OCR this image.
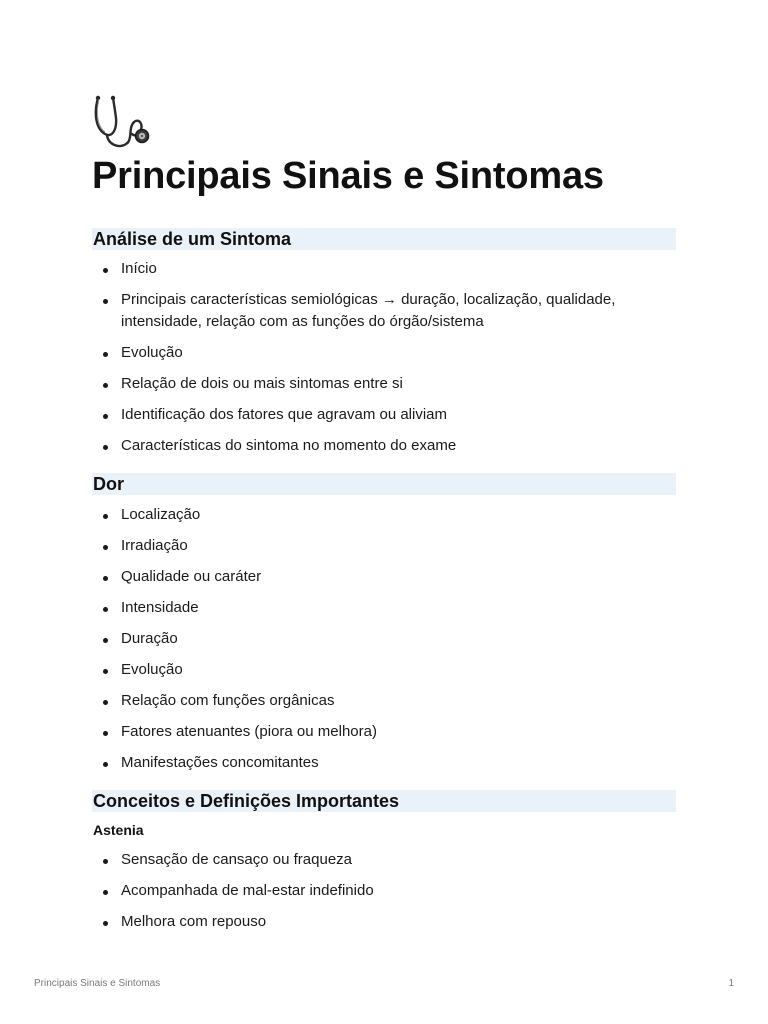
Principais Sinais e Sintomas
Análise de um Sintoma
Início
Principais características semiológicas → duração, localização, qualidade, intensidade, relação com as funções do órgão/sistema
Evolução
Relação de dois ou mais sintomas entre si
Identificação dos fatores que agravam ou aliviam
Características do sintoma no momento do exame
Dor
Localização
Irradiação
Qualidade ou caráter
Intensidade
Duração
Evolução
Relação com funções orgânicas
Fatores atenuantes (piora ou melhora)
Manifestações concomitantes
Conceitos e Definições Importantes
Astenia
Sensação de cansaço ou fraqueza
Acompanhada de mal-estar indefinido
Melhora com repouso
Principais Sinais e Sintomas	1
